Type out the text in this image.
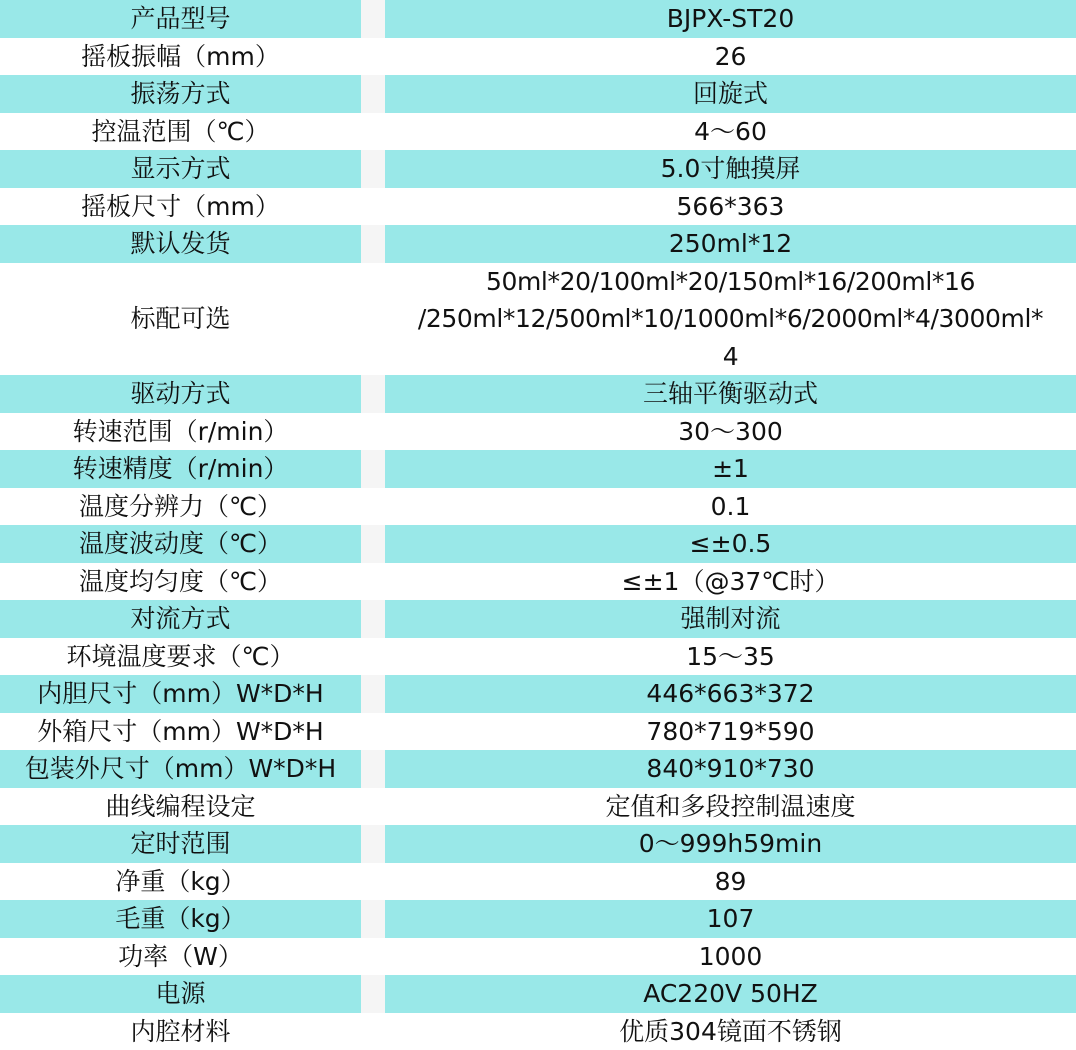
产品型号		BJPX-ST20
摇板振幅（mm）		26
振荡方式		回旋式
控温范围（℃）		4～60
显示方式		5.0寸触摸屏
摇板尺寸（mm）		566*363
默认发货		250ml*12
标配可选		50ml*20/100ml*20/150ml*16/200ml*16
/250ml*12/500ml*10/1000ml*6/2000ml*4/3000ml*
4

驱动方式		三轴平衡驱动式
转速范围（r/min）		30～300
转速精度（r/min）		±1
温度分辨力（℃）		0.1
温度波动度（℃）		≤±0.5
温度均匀度（℃）		≤±1（@37℃时）
对流方式		强制对流
环境温度要求（℃）		15～35
内胆尺寸（mm）W*D*H		446*663*372
外箱尺寸（mm）W*D*H		780*719*590
包装外尺寸（mm）W*D*H		840*910*730
曲线编程设定		定值和多段控制温速度
定时范围		0～999h59min
净重（kg）		89
毛重（kg）		107
功率（W）		1000
电源		AC220V 50HZ
内腔材料		优质304镜面不锈钢
